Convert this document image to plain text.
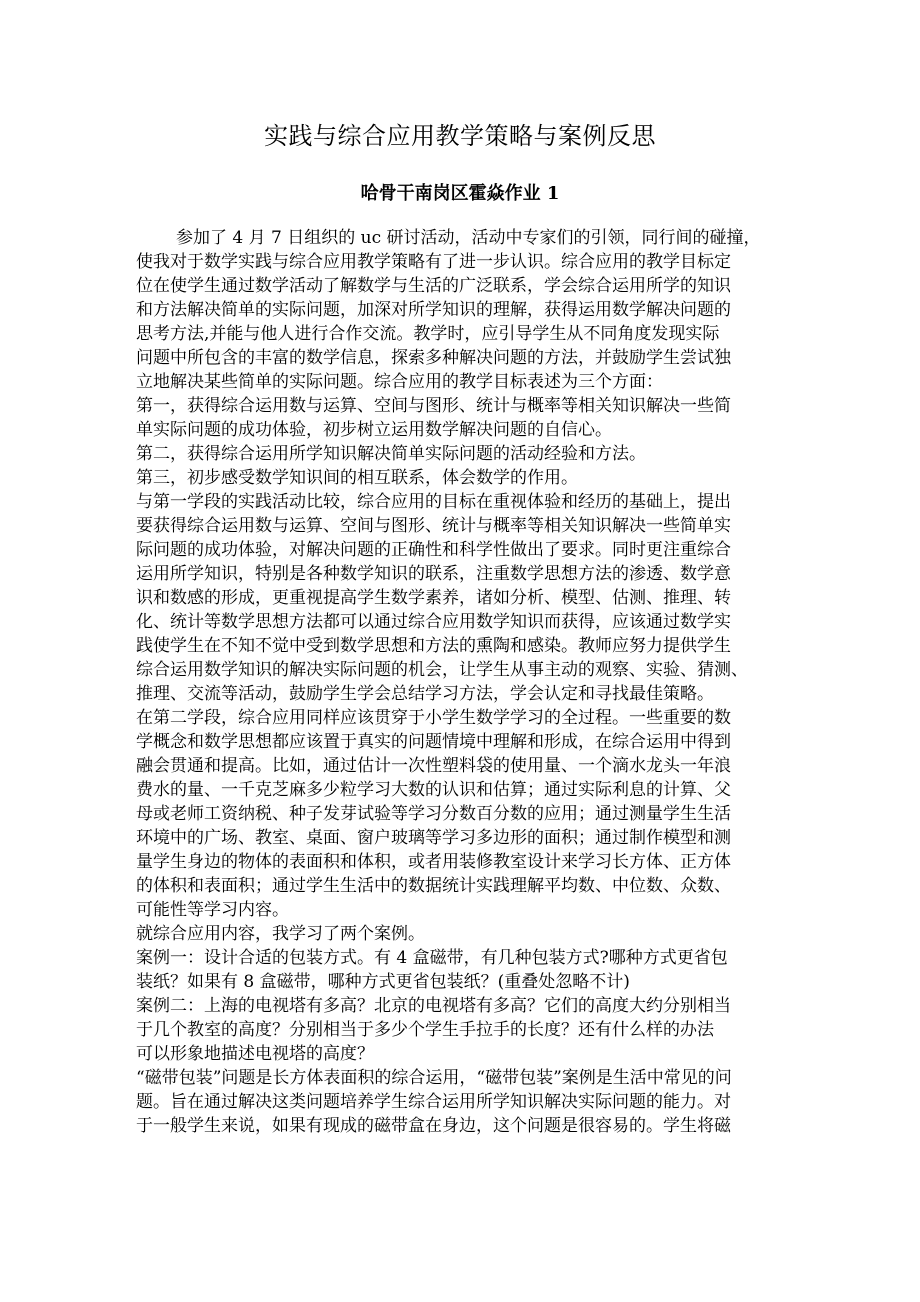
实践与综合应用教学策略与案例反思
哈骨干南岗区霍焱作业 1
参加了 4 月 7 日组织的 uc 研讨活动，活动中专家们的引领，同行间的碰撞，
使我对于数学实践与综合应用教学策略有了进一步认识。综合应用的教学目标定
位在使学生通过数学活动了解数学与生活的广泛联系，学会综合运用所学的知识
和方法解决简单的实际问题，加深对所学知识的理解，获得运用数学解决问题的
思考方法,并能与他人进行合作交流。教学时，应引导学生从不同角度发现实际
问题中所包含的丰富的数学信息，探索多种解决问题的方法，并鼓励学生尝试独
立地解决某些简单的实际问题。综合应用的教学目标表述为三个方面：
第一，获得综合运用数与运算、空间与图形、统计与概率等相关知识解决一些简
单实际问题的成功体验，初步树立运用数学解决问题的自信心。
第二，获得综合运用所学知识解决简单实际问题的活动经验和方法。
第三，初步感受数学知识间的相互联系，体会数学的作用。
与第一学段的实践活动比较，综合应用的目标在重视体验和经历的基础上，提出
要获得综合运用数与运算、空间与图形、统计与概率等相关知识解决一些简单实
际问题的成功体验，对解决问题的正确性和科学性做出了要求。同时更注重综合
运用所学知识，特别是各种数学知识的联系，注重数学思想方法的渗透、数学意
识和数感的形成，更重视提高学生数学素养，诸如分析、模型、估测、推理、转
化、统计等数学思想方法都可以通过综合应用数学知识而获得，应该通过数学实
践使学生在不知不觉中受到数学思想和方法的熏陶和感染。教师应努力提供学生
综合运用数学知识的解决实际问题的机会，让学生从事主动的观察、实验、猜测、
推理、交流等活动，鼓励学生学会总结学习方法，学会认定和寻找最佳策略。
在第二学段，综合应用同样应该贯穿于小学生数学学习的全过程。一些重要的数
学概念和数学思想都应该置于真实的问题情境中理解和形成，在综合运用中得到
融会贯通和提高。比如，通过估计一次性塑料袋的使用量、一个滴水龙头一年浪
费水的量、一千克芝麻多少粒学习大数的认识和估算；通过实际利息的计算、父
母或老师工资纳税、种子发芽试验等学习分数百分数的应用；通过测量学生生活
环境中的广场、教室、桌面、窗户玻璃等学习多边形的面积；通过制作模型和测
量学生身边的物体的表面积和体积，或者用装修教室设计来学习长方体、正方体
的体积和表面积；通过学生生活中的数据统计实践理解平均数、中位数、众数、
可能性等学习内容。
就综合应用内容，我学习了两个案例。
案例一：设计合适的包装方式。有 4 盒磁带，有几种包装方式?哪种方式更省包
装纸？如果有 8 盒磁带，哪种方式更省包装纸？(重叠处忽略不计)
案例二：上海的电视塔有多高？北京的电视塔有多高？它们的高度大约分别相当
于几个教室的高度？分别相当于多少个学生手拉手的长度？还有什么样的办法
可以形象地描述电视塔的高度？
“磁带包装”问题是长方体表面积的综合运用，“磁带包装”案例是生活中常见的问
题。旨在通过解决这类问题培养学生综合运用所学知识解决实际问题的能力。对
于一般学生来说，如果有现成的磁带盒在身边，这个问题是很容易的。学生将磁
